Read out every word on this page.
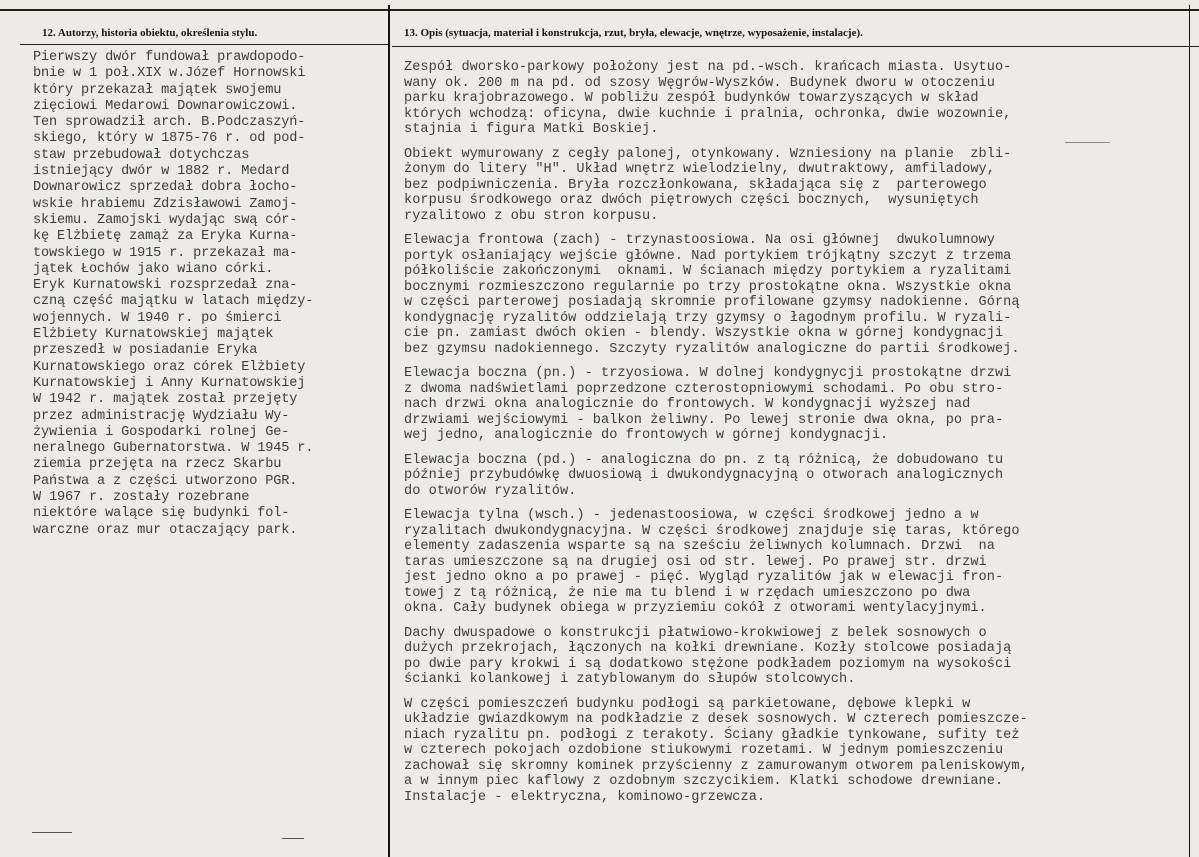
12. Autorzy, historia obiektu, określenia stylu.	13. Opis (sytuacja, materiał i konstrukcja, rzut, bryła, elewacje, wnętrze, wyposażenie, instalacje).
Pierwszy dwór fundował prawdopodo-
bnie w 1 poł.XIX w.Józef Hornowski
który przekazał majątek swojemu
zięciowi Medarowi Downarowiczowi.
Ten sprowadził arch. B.Podczaszyń-
skiego, który w 1875-76 r. od pod-
staw przebudował dotychczas
istniejący dwór w 1882 r. Medard
Downarowicz sprzedał dobra łocho-
wskie hrabiemu Zdzisławowi Zamoj-
skiemu. Zamojski wydając swą cór-
kę Elżbietę zamąż za Eryka Kurna-
towskiego w 1915 r. przekazał ma-
jątek Łochów jako wiano córki.
Eryk Kurnatowski rozsprzedał zna-
czną część majątku w latach między-
wojennych. W 1940 r. po śmierci
Elżbiety Kurnatowskiej majątek
przeszedł w posiadanie Eryka
Kurnatowskiego oraz córek Elżbiety
Kurnatowskiej i Anny Kurnatowskiej
W 1942 r. majątek został przejęty
przez administrację Wydziału Wy-
żywienia i Gospodarki rolnej Ge-
neralnego Gubernatorstwa. W 1945 r.
ziemia przejęta na rzecz Skarbu
Państwa a z części utworzono PGR.
W 1967 r. zostały rozebrane
niektóre walące się budynki fol-
warczne oraz mur otaczający park.
Zespół dworsko-parkowy położony jest na pd.-wsch. krańcach miasta. Usytuo-
wany ok. 200 m na pd. od szosy Węgrów-Wyszków. Budynek dworu w otoczeniu
parku krajobrazowego. W pobliżu zespół budynków towarzyszących w skład
których wchodzą: oficyna, dwie kuchnie i pralnia, ochronka, dwie wozownie,
stajnia i figura Matki Boskiej.
Obiekt wymurowany z cegły palonej, otynkowany. Wzniesiony na planie  zbli-
żonym do litery "H". Układ wnętrz wielodzielny, dwutraktowy, amfiladowy,
bez podpiwniczenia. Bryła rozczłonkowana, składająca się z  parterowego
korpusu środkowego oraz dwóch piętrowych części bocznych,  wysuniętych
ryzalitowo z obu stron korpusu.
Elewacja frontowa (zach) - trzynastoosiowa. Na osi głównej  dwukolumnowy
portyk osłaniający wejście główne. Nad portykiem trójkątny szczyt z trzema
półkoliście zakończonymi  oknami. W ścianach między portykiem a ryzalitami
bocznymi rozmieszczono regularnie po trzy prostokątne okna. Wszystkie okna
w części parterowej posiadają skromnie profilowane gzymsy nadokienne. Górną
kondygnację ryzalitów oddzielają trzy gzymsy o łagodnym profilu. W ryzali-
cie pn. zamiast dwóch okien - blendy. Wszystkie okna w górnej kondygnacji
bez gzymsu nadokiennego. Szczyty ryzalitów analogiczne do partii środkowej.
Elewacja boczna (pn.) - trzyosiowa. W dolnej kondygnycji prostokątne drzwi
z dwoma nadświetlami poprzedzone czterostopniowymi schodami. Po obu stro-
nach drzwi okna analogicznie do frontowych. W kondygnacji wyższej nad
drzwiami wejściowymi - balkon żeliwny. Po lewej stronie dwa okna, po pra-
wej jedno, analogicznie do frontowych w górnej kondygnacji.
Elewacja boczna (pd.) - analogiczna do pn. z tą różnicą, że dobudowano tu
później przybudówkę dwuosiową i dwukondygnacyjną o otworach analogicznych
do otworów ryzalitów.
Elewacja tylna (wsch.) - jedenastoosiowa, w części środkowej jedno a w
ryzalitach dwukondygnacyjna. W części środkowej znajduje się taras, którego
elementy zadaszenia wsparte są na sześciu żeliwnych kolumnach. Drzwi  na
taras umieszczone są na drugiej osi od str. lewej. Po prawej str. drzwi
jest jedno okno a po prawej - pięć. Wygląd ryzalitów jak w elewacji fron-
towej z tą różnicą, że nie ma tu blend i w rzędach umieszczono po dwa
okna. Cały budynek obiega w przyziemiu cokół z otworami wentylacyjnymi.
Dachy dwuspadowe o konstrukcji płatwiowo-krokwiowej z belek sosnowych o
dużych przekrojach, łączonych na kołki drewniane. Kozły stolcowe posiadają
po dwie pary krokwi i są dodatkowo stężone podkładem poziomym na wysokości
ścianki kolankowej i zatyblowanym do słupów stolcowych.
W części pomieszczeń budynku podłogi są parkietowane, dębowe klepki w
układzie gwiazdkowym na podkładzie z desek sosnowych. W czterech pomieszcze-
niach ryzalitu pn. podłogi z terakoty. Ściany gładkie tynkowane, sufity też
w czterech pokojach ozdobione stiukowymi rozetami. W jednym pomieszczeniu
zachował się skromny kominek przyścienny z zamurowanym otworem paleniskowym,
a w innym piec kaflowy z ozdobnym szczycikiem. Klatki schodowe drewniane.
Instalacje - elektryczna, kominowo-grzewcza.
